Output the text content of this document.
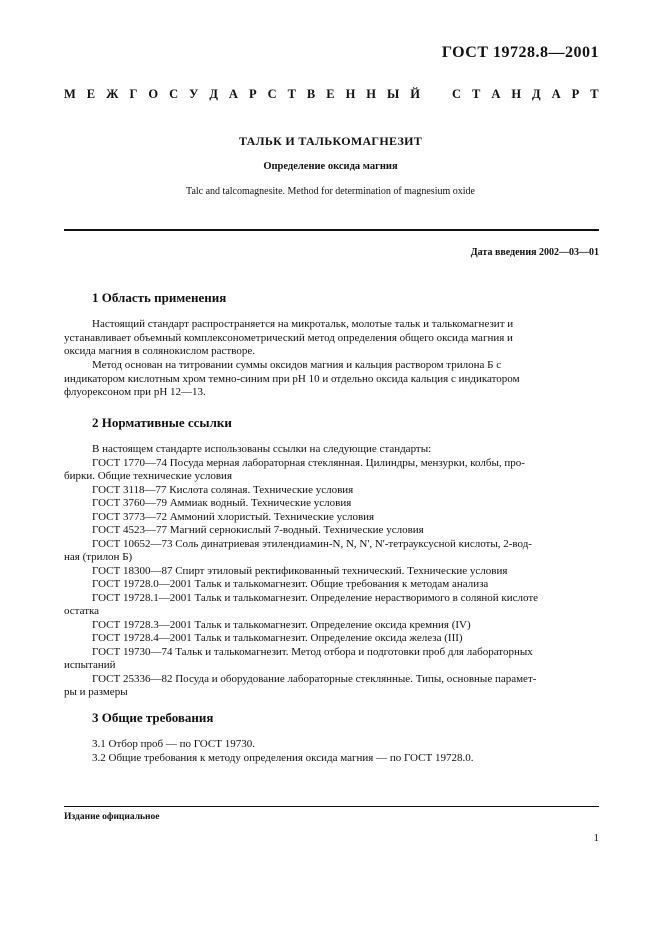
ГОСТ 19728.8—2001
М Е Ж Г О С У Д А Р С Т В Е Н Н Ы Й	С Т А Н Д А Р Т
ТАЛЬК И ТАЛЬКОМАГНЕЗИТ
Определение оксида магния
Talc and talcomagnesite. Method for determination of magnesium oxide
Дата введения 2002—03—01
1 Область применения
Настоящий стандарт распространяется на микротальк, молотые тальк и талькомагнезит и
устанавливает объемный комплексонометрический метод определения общего оксида магния и
оксида магния в солянокислом растворе.
Метод основан на титровании суммы оксидов магния и кальция раствором трилона Б с
индикатором кислотным хром темно-синим при pH 10 и отдельно оксида кальция с индикатором
флуорексоном при pH 12—13.
2 Нормативные ссылки
В настоящем стандарте использованы ссылки на следующие стандарты:
ГОСТ 1770—74 Посуда мерная лабораторная стеклянная. Цилиндры, мензурки, колбы, про-
бирки. Общие технические условия
ГОСТ 3118—77 Кислота соляная. Технические условия
ГОСТ 3760—79 Аммиак водный. Технические условия
ГОСТ 3773—72 Аммоний хлористый. Технические условия
ГОСТ 4523—77 Магний сернокислый 7-водный. Технические условия
ГОСТ 10652—73 Соль динатриевая этилендиамин-N, N, N', N'-тетрауксусной кислоты, 2-вод-
ная (трилон Б)
ГОСТ 18300—87 Спирт этиловый ректификованный технический. Технические условия
ГОСТ 19728.0—2001 Тальк и талькомагнезит. Общие требования к методам анализа
ГОСТ 19728.1—2001 Тальк и талькомагнезит. Определение нерастворимого в соляной кислоте
остатка
ГОСТ 19728.3—2001 Тальк и талькомагнезит. Определение оксида кремния (IV)
ГОСТ 19728.4—2001 Тальк и талькомагнезит. Определение оксида железа (III)
ГОСТ 19730—74 Тальк и талькомагнезит. Метод отбора и подготовки проб для лабораторных
испытаний
ГОСТ 25336—82 Посуда и оборудование лабораторные стеклянные. Типы, основные парамет-
ры и размеры
3 Общие требования
3.1 Отбор проб — по ГОСТ 19730.
3.2 Общие требования к методу определения оксида магния — по ГОСТ 19728.0.
Издание официальное
1
